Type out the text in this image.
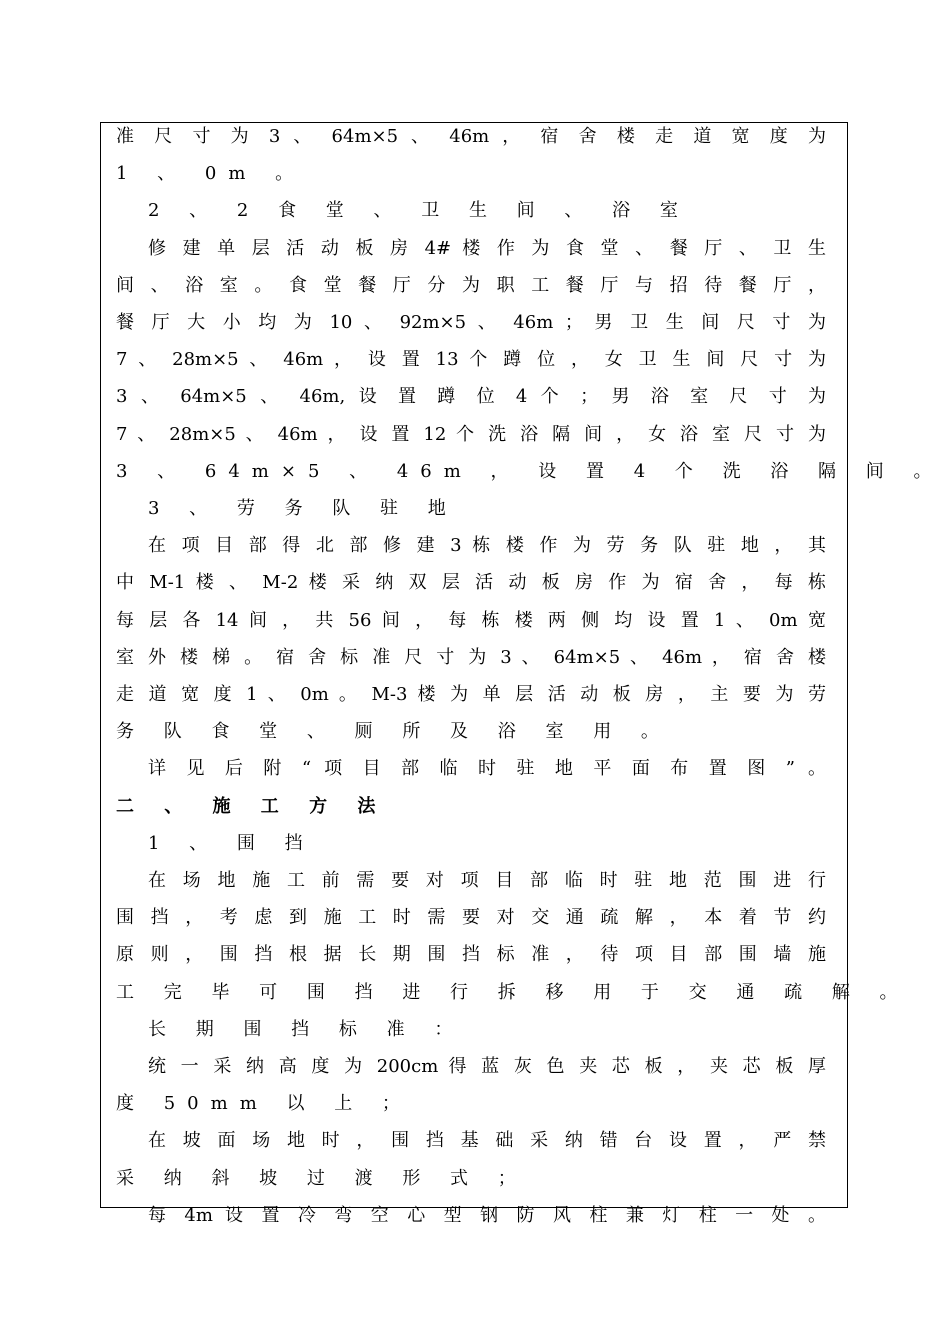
准 尺 寸 为 3 、 64m×5 、 46m ， 宿 舍 楼 走 道 宽 度 为
1 、 0m 。
2 、 2 食 堂 、 卫 生 间 、 浴 室
修 建 单 层 活 动 板 房 4# 楼 作 为 食 堂 、 餐 厅 、 卫 生
间 、 浴 室 。 食 堂 餐 厅 分 为 职 工 餐 厅 与 招 待 餐 厅 ，
餐 厅 大 小 均 为 10 、 92m×5 、 46m ； 男 卫 生 间 尺 寸 为
7 、 28m×5 、 46m ， 设 置 13 个 蹲 位 ， 女 卫 生 间 尺 寸 为
3 、 64m×5 、 46m, 设 置 蹲 位 4 个 ； 男 浴 室 尺 寸 为
7 、 28m×5 、 46m ， 设 置 12 个 洗 浴 隔 间 ， 女 浴 室 尺 寸 为
3 、 64m×5 、 46m ， 设 置 4 个 洗 浴 隔 间 。
3 、 劳 务 队 驻 地
在 项 目 部 得 北 部 修 建 3 栋 楼 作 为 劳 务 队 驻 地 ， 其
中 M-1 楼 、 M-2 楼 采 纳 双 层 活 动 板 房 作 为 宿 舍 ， 每 栋
每 层 各 14 间 ， 共 56 间 ， 每 栋 楼 两 侧 均 设 置 1 、 0m 宽
室 外 楼 梯 。 宿 舍 标 准 尺 寸 为 3 、 64m×5 、 46m ， 宿 舍 楼
走 道 宽 度 1 、 0m 。 M-3 楼 为 单 层 活 动 板 房 ， 主 要 为 劳
务 队 食 堂 、 厕 所 及 浴 室 用 。
详 见 后 附 “ 项 目 部 临 时 驻 地 平 面 布 置 图 ” 。
二 、 施 工 方 法
1 、 围 挡
在 场 地 施 工 前 需 要 对 项 目 部 临 时 驻 地 范 围 进 行
围 挡 ， 考 虑 到 施 工 时 需 要 对 交 通 疏 解 ， 本 着 节 约
原 则 ， 围 挡 根 据 长 期 围 挡 标 准 ， 待 项 目 部 围 墙 施
工 完 毕 可 围 挡 进 行 拆 移 用 于 交 通 疏 解 。
长 期 围 挡 标 准 ：
统 一 采 纳 高 度 为 200cm 得 蓝 灰 色 夹 芯 板 ， 夹 芯 板 厚
度 50mm 以 上 ；
在 坡 面 场 地 时 ， 围 挡 基 础 采 纳 错 台 设 置 ， 严 禁
采 纳 斜 坡 过 渡 形 式 ；
每 4m 设 置 冷 弯 空 心 型 钢 防 风 柱 兼 灯 柱 一 处 。
